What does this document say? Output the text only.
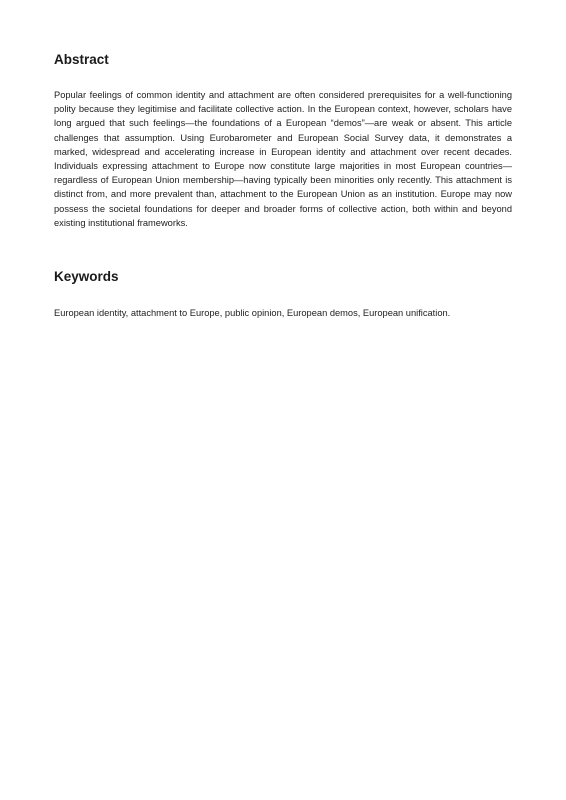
Abstract

Popular feelings of common identity and attachment are often considered prerequisites for a well-functioning polity because they legitimise and facilitate collective action. In the European context, however, scholars have long argued that such feelings—the foundations of a European “demos”—are weak or absent. This article challenges that assumption. Using Eurobarometer and European Social Survey data, it demonstrates a marked, widespread and accelerating increase in European identity and attachment over recent decades. Individuals expressing attachment to Europe now constitute large majorities in most European countries—regardless of European Union membership—having typically been minorities only recently. This attachment is distinct from, and more prevalent than, attachment to the European Union as an institution. Europe may now possess the societal foundations for deeper and broader forms of collective action, both within and beyond existing institutional frameworks.

Keywords

European identity, attachment to Europe, public opinion, European demos, European unification.
